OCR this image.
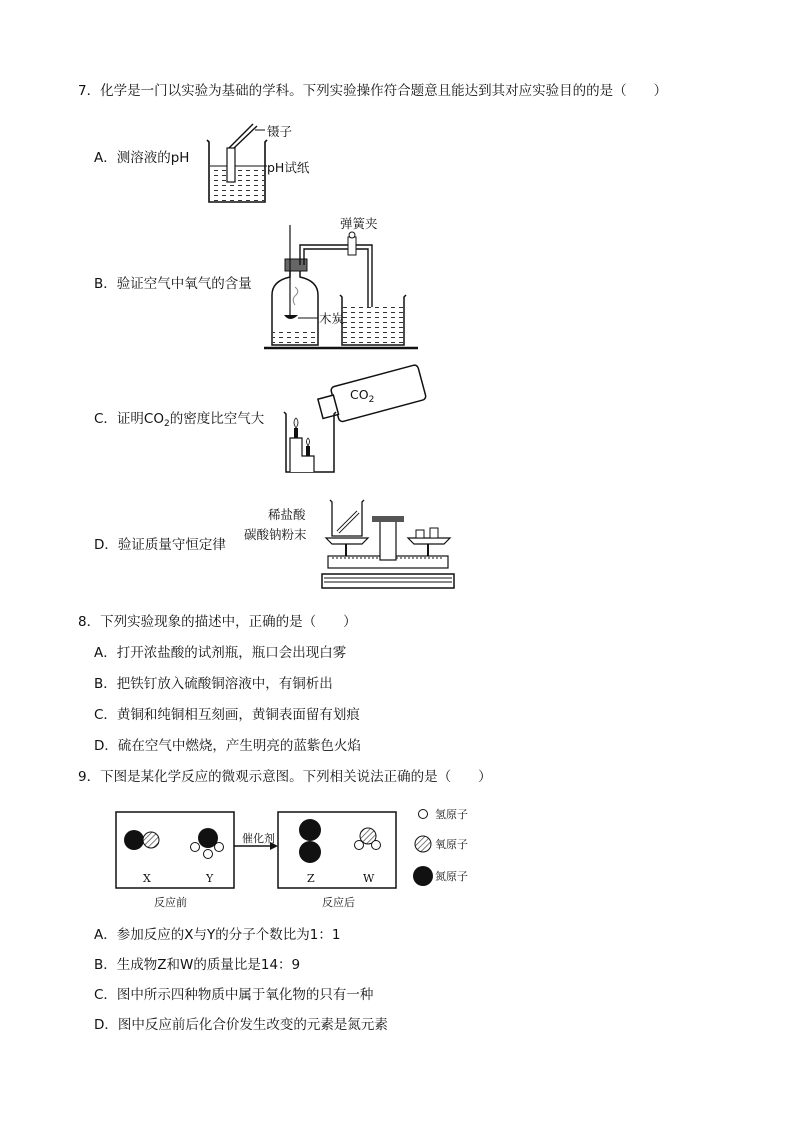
7．化学是一门以实验为基础的学科。下列实验操作符合题意且能达到其对应实验目的的是（　　）
A．测溶液的pH
镊子
pH试纸
B．验证空气中氧气的含量
弹簧夹
木炭
C．证明$CO_2$的密度比空气大
$CO_2$
D．验证质量守恒定律
稀盐酸
碳酸钠粉末
8．下列实验现象的描述中，正确的是（　　）
A．打开浓盐酸的试剂瓶，瓶口会出现白雾
B．把铁钉放入硫酸铜溶液中，有铜析出
C．黄铜和纯铜相互刻画，黄铜表面留有划痕
D．硫在空气中燃烧，产生明亮的蓝紫色火焰
9．下图是某化学反应的微观示意图。下列相关说法正确的是（　　）
催化剂
X	Y	Z	W
反应前	反应后
氢原子
氧原子
氮原子
A．参加反应的X与Y的分子个数比为1：1
B．生成物Z和W的质量比是14：9
C．图中所示四种物质中属于氧化物的只有一种
D．图中反应前后化合价发生改变的元素是氮元素
